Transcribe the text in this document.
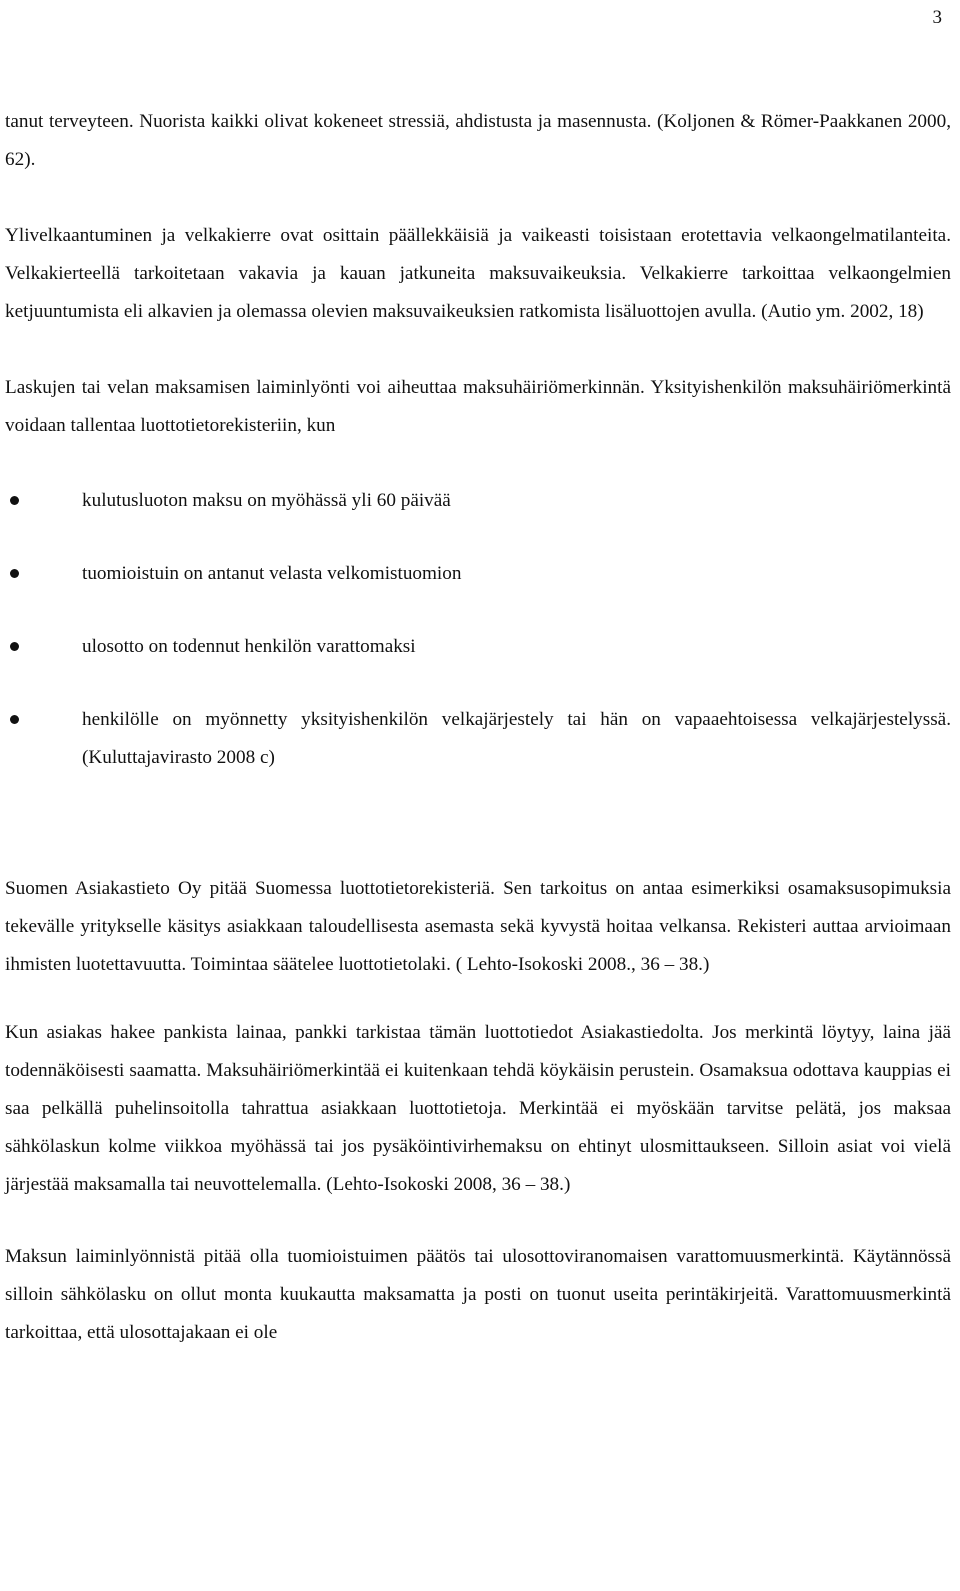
3

tanut terveyteen. Nuorista kaikki olivat kokeneet stressiä, ahdistusta ja masennusta. (Koljonen & Römer-Paakkanen 2000, 62).

Ylivelkaantuminen ja velkakierre ovat osittain päällekkäisiä ja vaikeasti toisistaan erotettavia velkaongelmatilanteita. Velkakierteellä tarkoitetaan vakavia ja kauan jatkuneita maksuvaikeuksia. Velkakierre tarkoittaa velkaongelmien ketjuuntumista eli alkavien ja olemassa olevien maksuvaikeuksien ratkomista lisäluottojen avulla. (Autio ym. 2002, 18)

Laskujen tai velan maksamisen laiminlyönti voi aiheuttaa maksuhäiriömerkinnän. Yksityishenkilön maksuhäiriömerkintä voidaan tallentaa luottotietorekisteriin, kun

kulutusluoton maksu on myöhässä yli 60 päivää
tuomioistuin on antanut velasta velkomistuomion
ulosotto on todennut henkilön varattomaksi
henkilölle on myönnetty yksityishenkilön velkajärjestely tai hän on vapaaehtoisessa velkajärjestelyssä. (Kuluttajavirasto 2008 c)

Suomen Asiakastieto Oy pitää Suomessa luottotietorekisteriä. Sen tarkoitus on antaa esimerkiksi osamaksusopimuksia tekevälle yritykselle käsitys asiakkaan taloudellisesta asemasta sekä kyvystä hoitaa velkansa. Rekisteri auttaa arvioimaan ihmisten luotettavuutta. Toimintaa säätelee luottotietolaki. ( Lehto-Isokoski 2008., 36 – 38.)

Kun asiakas hakee pankista lainaa, pankki tarkistaa tämän luottotiedot Asiakastiedolta. Jos merkintä löytyy, laina jää todennäköisesti saamatta. Maksuhäiriömerkintää ei kuitenkaan tehdä köykäisin perustein. Osamaksua odottava kauppias ei saa pelkällä puhelinsoitolla tahrattua asiakkaan luottotietoja. Merkintää ei myöskään tarvitse pelätä, jos maksaa sähkölaskun kolme viikkoa myöhässä tai jos pysäköintivirhemaksu on ehtinyt ulosmittaukseen. Silloin asiat voi vielä järjestää maksamalla tai neuvottelemalla. (Lehto-Isokoski 2008, 36 – 38.)

Maksun laiminlyönnistä pitää olla tuomioistuimen päätös tai ulosottoviranomaisen varattomuusmerkintä. Käytännössä silloin sähkölasku on ollut monta kuukautta maksamatta ja posti on tuonut useita perintäkirjeitä. Varattomuusmerkintä tarkoittaa, että ulosottajakaan ei ole
